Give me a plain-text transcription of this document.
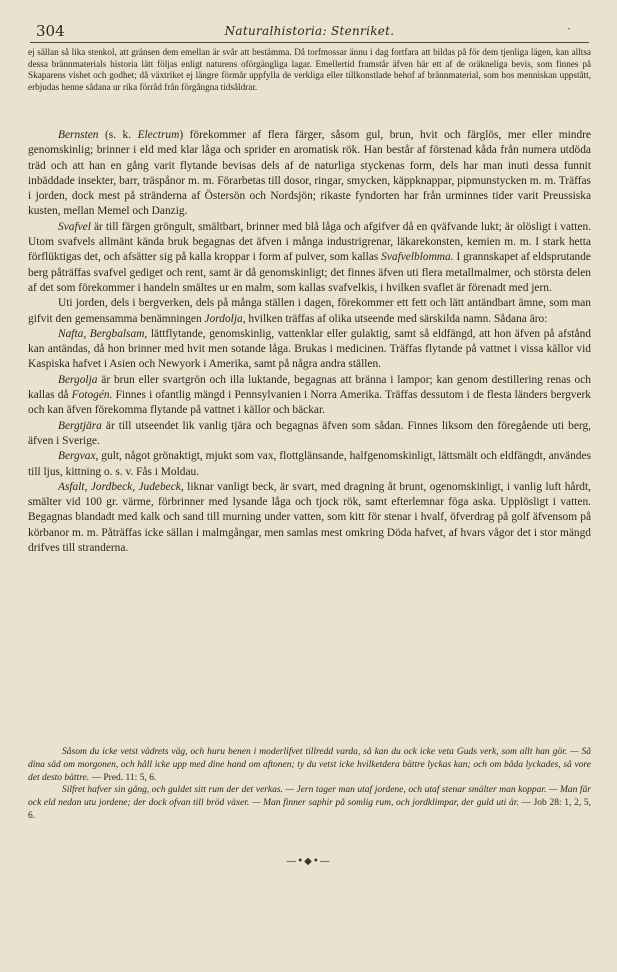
304	Naturalhistoria: Stenriket.	·
ej sällan så lika stenkol, att gränsen dem emellan är svår att bestämma. Då torfmossar ännu i dag fortfara att bildas på för dem tjenliga lägen, kan alltsa dessa brännmaterials historia lätt följas enligt naturens oförgängliga lagar. Emellertid framstår äfven här ett af de oräkneliga bevis, som finnes på Skaparens vishet och godhet; då växtriket ej längre förmår uppfylla de verkliga eller tillkonstlade behof af brännmaterial, som hos menniskan uppstått, erbjudas henne sådana ur rika förråd från förgångna tidsåldrar.

Bernsten (s. k. Electrum) förekommer af flera färger, såsom gul, brun, hvit och färglös, mer eller mindre genomskinlig; brinner i eld med klar låga och sprider en aromatisk rök. Han består af förstenad kåda från numera utdöda träd och att han en gång varit flytande bevisas dels af de naturliga styckenas form, dels har man inuti dessa funnit inbäddade insekter, barr, träspånor m. m. Förarbetas till dosor, ringar, smycken, käppknappar, pipmunstycken m. m. Träffas i jorden, dock mest på stränderna af Östersön och Nordsjön; rikaste fyndorten har från urminnes tider varit Preussiska kusten, mellan Memel och Danzig.

Svafvel är till färgen gröngult, smältbart, brinner med blå låga och afgifver då en qväfvande lukt; är olösligt i vatten. Utom svafvels allmänt kända bruk begagnas det äfven i många industrigrenar, läkarekonsten, kemien m. m. I stark hetta förflüktigas det, och afsätter sig på kalla kroppar i form af pulver, som kallas Svafvelblomma. I grannskapet af eldsprutande berg påträffas svafvel gediget och rent, samt är då genomskinligt; det finnes äfven uti flera metallmalmer, och största delen af det som förekommer i handeln smältes ur en malm, som kallas svafvelkis, i hvilken svaflet är förenadt med jern.

Uti jorden, dels i bergverken, dels på många ställen i dagen, förekommer ett fett och lätt antändbart ämne, som man gifvit den gemensamma benämningen Jordolja, hvilken träffas af olika utseende med särskilda namn. Sådana äro:

Nafta, Bergbalsam, lättflytande, genomskinlig, vattenklar eller gulaktig, samt så eldfängd, att hon äfven på afstånd kan antändas, då hon brinner med hvit men sotande låga. Brukas i medicinen. Träffas flytande på vattnet i vissa källor vid Kaspiska hafvet i Asien och Newyork i Amerika, samt på några andra ställen.

Bergolja är brun eller svartgrön och illa luktande, begagnas att bränna i lampor; kan genom destillering renas och kallas då Fotogén. Finnes i ofantlig mängd i Pennsylvanien i Norra Amerika. Träffas dessutom i de flesta länders bergverk och kan äfven förekomma flytande på vattnet i källor och bäckar.

Bergtjära är till utseendet lik vanlig tjära och begagnas äfven som sådan. Finnes liksom den föregående uti berg, äfven i Sverige.

Bergvax, gult, något grönaktigt, mjukt som vax, flottglänsande, halfgenomskinligt, lättsmält och eldfängdt, användes till ljus, kittning o. s. v. Fås i Moldau.

Asfalt, Jordbeck, Judebeck, liknar vanligt beck, är svart, med dragning åt brunt, ogenomskinligt, i vanlig luft hårdt, smälter vid 100 gr. värme, förbrinner med lysande låga och tjock rök, samt efterlemnar föga aska. Upplösligt i vatten. Begagnas blandadt med kalk och sand till murning under vatten, som kitt för stenar i hvalf, öfverdrag på golf äfvensom på körbanor m. m. Påträffas icke sällan i malmgångar, men samlas mest omkring Döda hafvet, af hvars vågor det i stor mängd drifves till stranderna.

Såsom du icke vetst vädrets väg, och huru benen i moderlifvet tillredd varda, så kan du ock icke veta Guds verk, som allt han gör. — Så dina säd om morgonen, och håll icke upp med dine hand om aftonen; ty du vetst icke hvilketdera bättre lyckas kan; och om båda lyckades, så vore det desto bättre. — Pred. 11: 5, 6.

Silfret hafver sin gång, och guldet sitt rum der det verkas. — Jern tager man utaf jordene, och utaf stenar smälter man koppar. — Man får ock eld nedan utu jordene; der dock ofvan till bröd växer. — Man finner saphir på somlig rum, och jordklimpar, der guld uti är. — Job 28: 1, 2, 5, 6.

—•◆•—
